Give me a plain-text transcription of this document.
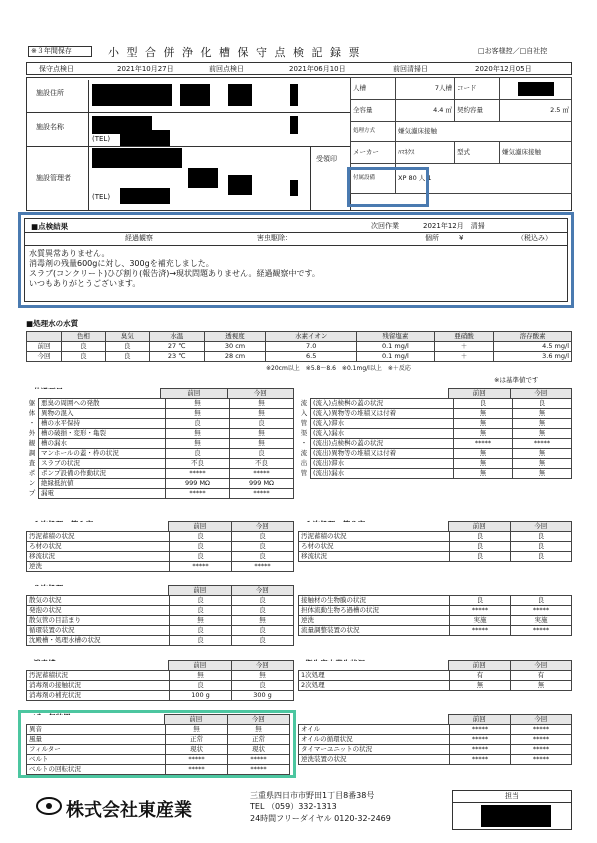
※３年間保存	小 型 合 併 浄 化 槽 保 守 点 検 記 録 票	□お客様控／□自社控
保守点検日	2021年10月27日	前回点検日	2021年06月10日	前回清掃日	2020年12月05日
施設住所
施設名称
施設管理者
(TEL)
(TEL)
受領印
人槽	7人槽	コード	

全容量	4.4 ㎥	契約容量	2.5 ㎥
処理方式	嫌気濾床接触		
メーカー	ﾊﾏﾈｸｽ	型式	嫌気濾床接触
付属設備	XP 80 人:1		
■点検結果
経過観察	害虫駆除：
次回作業	2021年12月　清掃
個所	¥	（税込み）
水質異常ありません。
消毒剤の残量600gに対し、300gを補充しました。
スラブ(コンクリート)ひび割り(報告済)→現状問題ありません。経過観察中です。
いつもありがとうございます。
■処理水の水質
	色相	臭気	水温	透視度	水素イオン	残留塩素	亜硝酸	溶存酸素
前回	良	良	27 ℃	30 cm	7.0	0.1 mg/l	＋	4.5 mg/l
今回	良	良	23 ℃	28 cm	6.5	0.1 mg/l	＋	3.6 mg/l
※20cm以上　※5.8～8.6　※0.1mg/l以上　※＋反応
※は基準値です
	前回	今回
躯	悪臭の周囲への発散	無	無
体	異物の混入	無	無
・	槽の水平保持	良	良
外	槽の破損・変形・亀裂	無	無
観	槽の漏水	無	無
調	マンホールの蓋・枠の状況	良	良
査	スラブの状況	不良	不良
ポ	ポンプ設備の作動状況	*****	*****
ン	絶縁抵抗値	999 MΩ	999 MΩ
プ	漏電	*****	*****
	前回	今回
流	(流入)点検桝の蓋の状況	良	良
入	(流入)異物等の堆積又は付着	無	無
管	(流入)滞水	無	無
渠	(流入)漏水	無	無
・	(流出)点検桝の蓋の状況	*****	*****
流	(流出)異物等の堆積又は付着	無	無
出	(流出)滞水	無	無
管	(流出)漏水	無	無
	前回	今回
汚泥蓄積の状況	良	良
ろ材の状況	良	良
移流状況	良	良
逆洗	*****	*****
	前回	今回
汚泥蓄積の状況	良	良
ろ材の状況	良	良
移流状況	良	良
	前回	今回
散気の状況	良	良
発泡の状況	良	良
散気管の目詰まり	無	無
循環装置の状況	良	良
沈殿槽・処理水槽の状況	良	良
接触材の生物膜の状況	良	良
担体流動生物ろ過槽の状況	*****	*****
逆洗	実施	実施
流量調整装置の状況	*****	*****
	前回	今回
汚泥蓄積状況	無	無
消毒剤の接触状況	良	良
消毒剤の補充状況	100 g	300 g
	前回	今回
1次処理	有	有
2次処理	無	無
	前回	今回
異音	無	無
風量	正常	正常
フィルター	現状	現状
ベルト	*****	*****
ベルトの回転状況	*****	*****
	前回	今回
オイル	*****	*****
オイルの循環状況	*****	*****
タイマーユニットの状況	*****	*****
逆洗装置の状況	*****	*****
株式会社東産業
三重県四日市市野田1丁目8番38号
TEL （059）332-1313
24時間フリーダイヤル 0120-32-2469
担当
